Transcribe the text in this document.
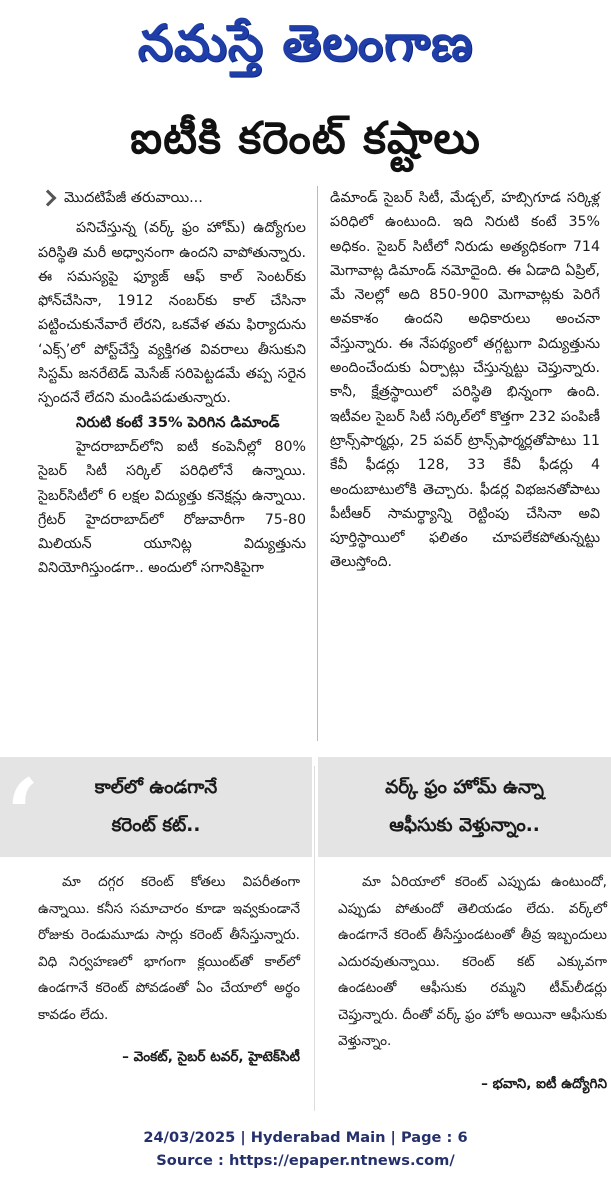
నమస్తే తెలంగాణ
ఐటీకి కరెంట్ కష్టాలు
మొదటిపేజీ తరువాయి...

పనిచేస్తున్న (వర్క్ ఫ్రం హోమ్) ఉద్యోగుల పరిస్థితి మరీ అధ్వానంగా ఉందని వాపోతున్నారు. ఈ సమస్యపై ఫ్యూజ్ ఆఫ్ కాల్ సెంటర్‌కు ఫోన్‌చేసినా, 1912 నంబర్‌కు కాల్ చేసినా పట్టించుకునేవారే లేరని, ఒకవేళ తమ ఫిర్యాదును ‘ఎక్స్’లో పోస్ట్‌చేస్తే వ్యక్తిగత వివరాలు తీసుకుని సిస్టమ్ జనరేటెడ్ మెసేజ్ సరిపెట్టడమే తప్ప సరైన స్పందనే లేదని మండిపడుతున్నారు.

నిరుటి కంటే 35% పెరిగిన డిమాండ్

హైదరాబాద్‌లోని ఐటీ కంపెనీల్లో 80% సైబర్ సిటీ సర్కిల్ పరిధిలోనే ఉన్నాయి. సైబర్‌సిటీలో 6 లక్షల విద్యుత్తు కనెక్షన్లు ఉన్నాయి. గ్రేటర్ హైదరాబాద్‌లో రోజువారీగా 75-80 మిలియన్ యూనిట్ల విద్యుత్తును వినియోగిస్తుండగా.. అందులో సగానికిపైగా

డిమాండ్ సైబర్ సిటీ, మేడ్చల్, హబ్సిగూడ సర్కిళ్ల పరిధిలో ఉంటుంది. ఇది నిరుటి కంటే 35% అధికం. సైబర్ సిటీలో నిరుడు అత్యధికంగా 714 మెగావాట్ల డిమాండ్ నమోదైంది. ఈ ఏడాది ఏప్రిల్, మే నెలల్లో అది 850-900 మెగావాట్లకు పెరిగే అవకాశం ఉందని అధికారులు అంచనా వేస్తున్నారు. ఈ నేపథ్యంలో తగ్గట్టుగా విద్యుత్తును అందించేందుకు ఏర్పాట్లు చేస్తున్నట్టు చెప్తున్నారు. కానీ, క్షేత్రస్థాయిలో పరిస్థితి భిన్నంగా ఉంది. ఇటీవల సైబర్ సిటీ సర్కిల్‌లో కొత్తగా 232 పంపిణీ ట్రాన్స్‌ఫార్మర్లు, 25 పవర్ ట్రాన్స్‌ఫార్మర్లతోపాటు 11 కేవీ ఫీడర్లు 128, 33 కేవీ ఫీడర్లు 4 అందుబాటులోకి తెచ్చారు. ఫీడర్ల విభజనతోపాటు పీటీఆర్ సామర్థ్యాన్ని రెట్టింపు చేసినా అవి పూర్తిస్థాయిలో ఫలితం చూపలేకపోతున్నట్టు తెలుస్తోంది.

‘	కాల్‌లో ఉండగానే
కరెంట్ కట్..

మా దగ్గర కరెంట్ కోతలు విపరీతంగా ఉన్నాయి. కనీస సమాచారం కూడా ఇవ్వకుండానే రోజుకు రెండుమూడు సార్లు కరెంట్ తీసేస్తున్నారు. విధి నిర్వహణలో భాగంగా క్లయింట్‌తో కాల్‌లో ఉండగానే కరెంట్ పోవడంతో ఏం చేయాలో అర్థం కావడం లేదు.

– వెంకట్, సైబర్ టవర్, హైటెక్‌సిటీ
వర్క్ ఫ్రం హోమ్ ఉన్నా
ఆఫీసుకు వెళ్తున్నాం..

మా ఏరియాలో కరెంట్ ఎప్పుడు ఉంటుందో, ఎప్పుడు పోతుందో తెలియడం లేదు. వర్క్‌లో ఉండగానే కరెంట్ తీసేస్తుండటంతో తీవ్ర ఇబ్బందులు ఎదురవుతున్నాయి. కరెంట్ కట్ ఎక్కువగా ఉండటంతో ఆఫీసుకు రమ్మని టీమ్‌లీడర్లు చెప్తున్నారు. దీంతో వర్క్ ఫ్రం హోం అయినా ఆఫీసుకు వెళ్తున్నాం.

– భవాని, ఐటీ ఉద్యోగిని
24/03/2025 | Hyderabad Main | Page : 6
Source : https://epaper.ntnews.com/
